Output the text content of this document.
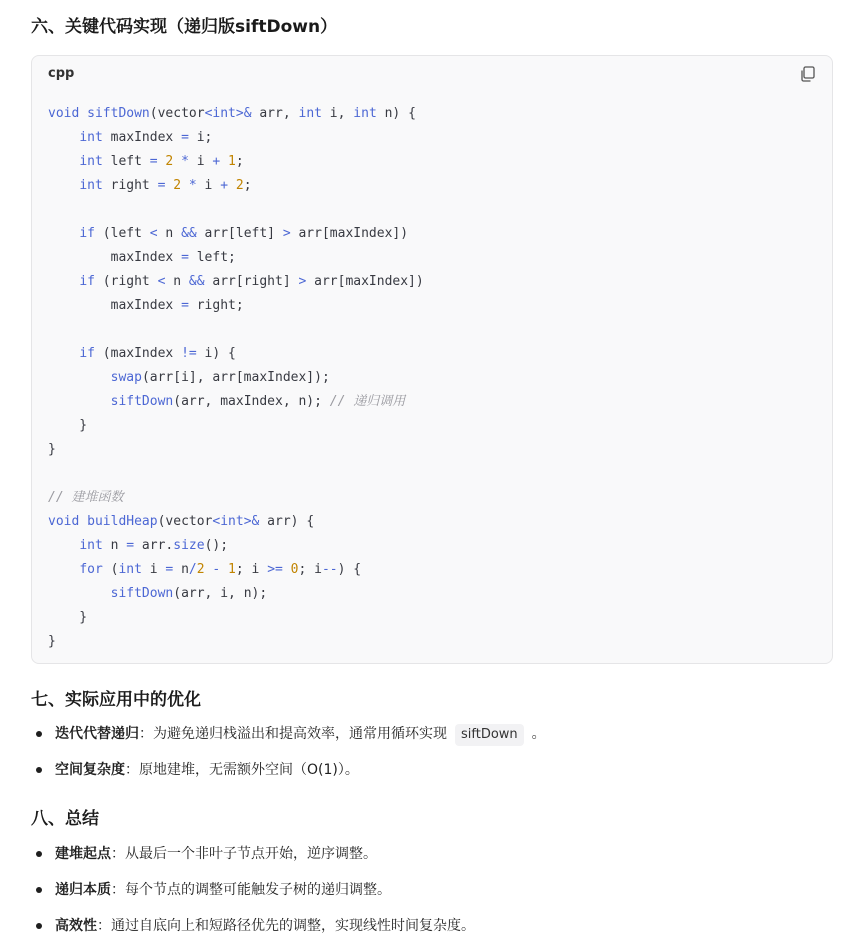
六、关键代码实现（递归版siftDown）
cpp
void siftDown(vector<int>& arr, int i, int n) {
int maxIndex = i;
int left = 2 * i + 1;
int right = 2 * i + 2;
if (left < n && arr[left] > arr[maxIndex])
maxIndex = left;
if (right < n && arr[right] > arr[maxIndex])
maxIndex = right;
if (maxIndex != i) {
swap(arr[i], arr[maxIndex]);
siftDown(arr, maxIndex, n); // 递归调用
}
}
// 建堆函数
void buildHeap(vector<int>& arr) {
int n = arr.size();
for (int i = n/2 - 1; i >= 0; i--) {
siftDown(arr, i, n);
}
}
七、实际应用中的优化
迭代代替递归：为避免递归栈溢出和提高效率，通常用循环实现 siftDown 。
空间复杂度：原地建堆，无需额外空间（O(1)）。
八、总结
建堆起点：从最后一个非叶子节点开始，逆序调整。
递归本质：每个节点的调整可能触发子树的递归调整。
高效性：通过自底向上和短路径优先的调整，实现线性时间复杂度。
